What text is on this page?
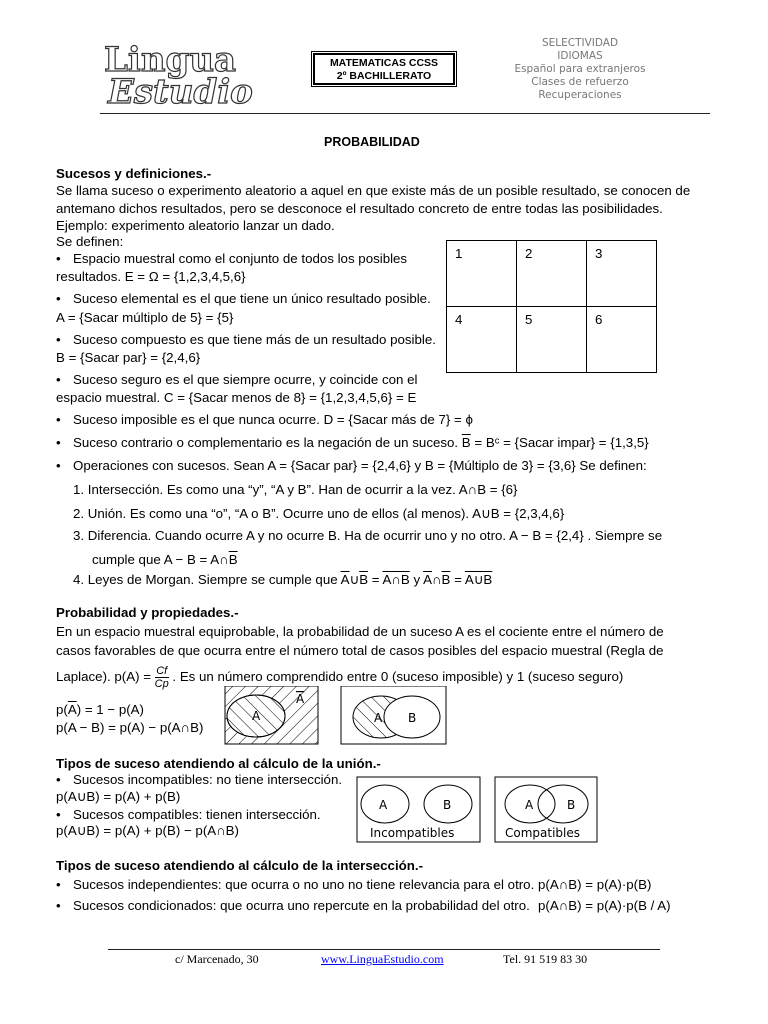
Lingua
Estudio
MATEMATICAS CCSS
2º BACHILLERATO
SELECTIVIDAD
IDIOMAS
Español para extranjeros
Clases de refuerzo
Recuperaciones
PROBABILIDAD
Sucesos y definiciones.-
Se llama suceso o experimento aleatorio a aquel en que existe más de un posible resultado, se conocen de
antemano dichos resultados, pero se desconoce el resultado concreto de entre todas las posibilidades.
Ejemplo: experimento aleatorio lanzar un dado.
Se definen:
• Espacio muestral como el conjunto de todos los posibles
resultados. E = Ω = {1,2,3,4,5,6}
• Suceso elemental es el que tiene un único resultado posible.
A = {Sacar múltiplo de 5} = {5}
• Suceso compuesto es que tiene más de un resultado posible.
B = {Sacar par} = {2,4,6}
• Suceso seguro es el que siempre ocurre, y coincide con el
espacio muestral. C = {Sacar menos de 8} = {1,2,3,4,5,6} = E
• Suceso imposible es el que nunca ocurre. D = {Sacar más de 7} = ϕ
• Suceso contrario o complementario es la negación de un suceso. $\overline{B}$ = Bᶜ = {Sacar impar} = {1,3,5}
• Operaciones con sucesos. Sean A = {Sacar par} = {2,4,6} y B = {Múltiplo de 3} = {3,6} Se definen:
1. Intersección. Es como una “y”, “A y B”. Han de ocurrir a la vez. A∩B = {6}
2. Unión. Es como una “o”, “A o B”. Ocurre uno de ellos (al menos). A∪B = {2,3,4,6}
3. Diferencia. Cuando ocurre A y no ocurre B. Ha de ocurrir uno y no otro. A − B = {2,4} . Siempre se
cumple que $A - B = A\cap\overline{B}$
4. Leyes de Morgan. Siempre se cumple que $\overline{A}\cup\overline{B}$ = A∩B y $\overline{A}\cap\overline{B}$ = A∪B
1	2	3
4	5	6
Probabilidad y propiedades.-
En un espacio muestral equiprobable, la probabilidad de un suceso A es el cociente entre el número de
casos favorables de que ocurra entre el número total de casos posibles del espacio muestral (Regla de
Laplace). $p(A) = \frac{Cf}{Cp}$ . Es un número comprendido entre 0 (suceso imposible) y 1 (suceso seguro)
$p(\overline{A}) = 1 - p(A)$
p(A − B) = p(A) − p(A∩B)
A
A
A B
Tipos de suceso atendiendo al cálculo de la unión.-
• Sucesos incompatibles: no tiene intersección.
p(A∪B) = p(A) + p(B)
• Sucesos compatibles: tienen intersección.
p(A∪B) = p(A) + p(B) − p(A∩B)
A	B
Incompatibles
A	B
Compatibles
Tipos de suceso atendiendo al cálculo de la intersección.-
• Sucesos independientes: que ocurra o no uno no tiene relevancia para el otro. p(A∩B) = p(A)·p(B)
• Sucesos condicionados: que ocurra uno repercute en la probabilidad del otro. p(A∩B) = p(A)·p(B / A)
c/ Marcenado, 30	www.LinguaEstudio.com	Tel. 91 519 83 30
